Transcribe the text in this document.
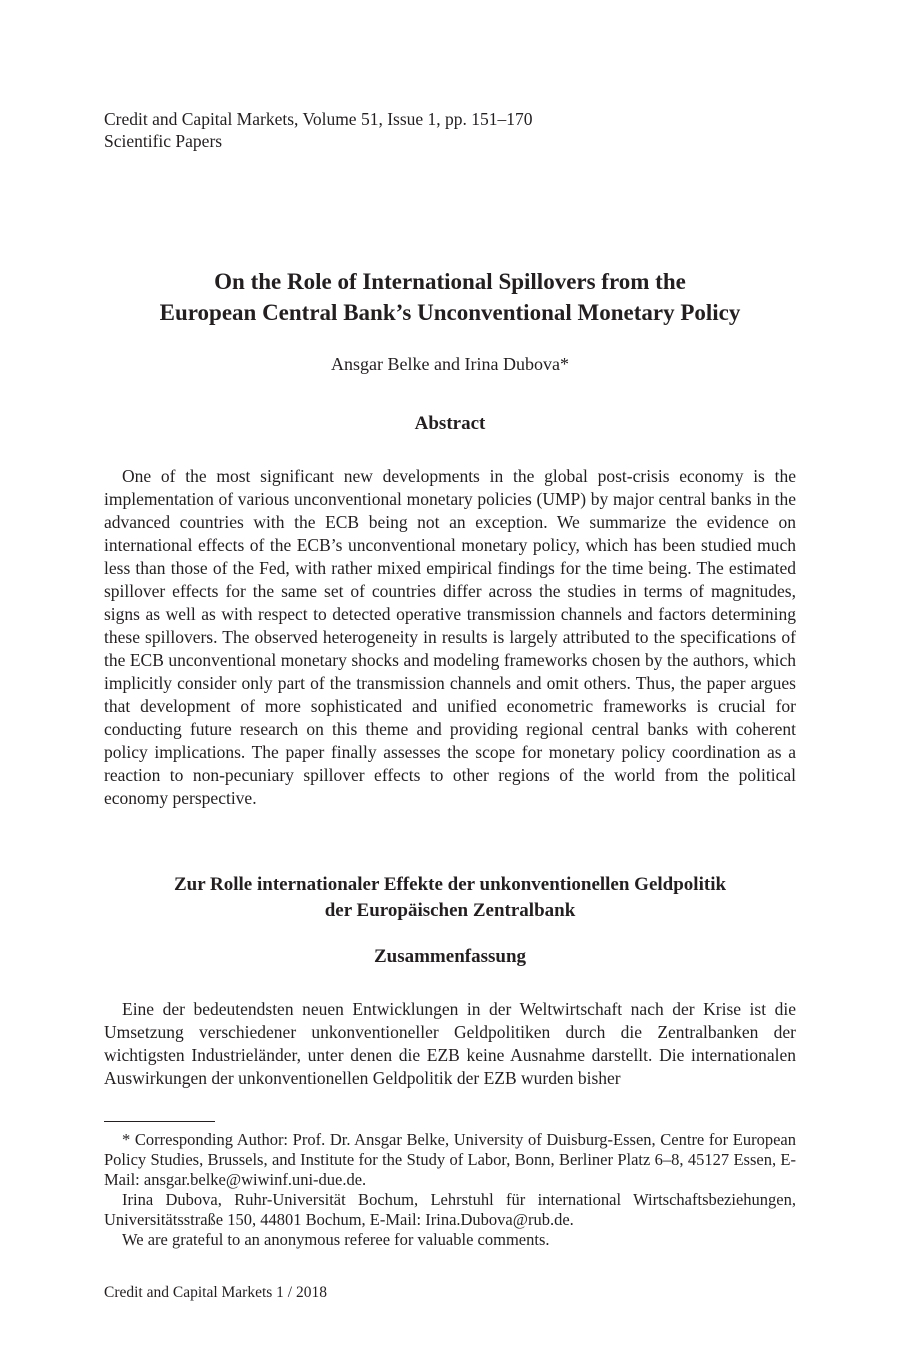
Credit and Capital Markets, Volume 51, Issue 1, pp. 151–170
Scientific Papers
On the Role of International Spillovers from the
European Central Bank’s Unconventional Monetary Policy
Ansgar Belke and Irina Dubova*
Abstract

One of the most significant new developments in the global post-crisis economy is the implementation of various unconventional monetary policies (UMP) by major central banks in the advanced countries with the ECB being not an exception. We summarize the evidence on international effects of the ECB’s unconventional monetary policy, which has been studied much less than those of the Fed, with rather mixed empirical findings for the time being. The estimated spillover effects for the same set of countries differ across the studies in terms of magnitudes, signs as well as with respect to detected operative transmission channels and factors determining these spillovers. The observed heterogeneity in results is largely attributed to the specifications of the ECB unconventional monetary shocks and modeling frameworks chosen by the authors, which implicitly consider only part of the transmission channels and omit others. Thus, the paper argues that development of more sophisticated and unified econometric frameworks is crucial for conducting future research on this theme and providing regional central banks with coherent policy implications. The paper finally assesses the scope for monetary policy coordination as a reaction to non-pecuniary spillover effects to other regions of the world from the political economy perspective.

Zur Rolle internationaler Effekte der unkonventionellen Geldpolitik
der Europäischen Zentralbank
Zusammenfassung

Eine der bedeutendsten neuen Entwicklungen in der Weltwirtschaft nach der Krise ist die Umsetzung verschiedener unkonventioneller Geldpolitiken durch die Zentralbanken der wichtigsten Industrieländer, unter denen die EZB keine Ausnahme darstellt. Die internationalen Auswirkungen der unkonventionellen Geldpolitik der EZB wurden bisher

* Corresponding Author: Prof. Dr. Ansgar Belke, University of Duisburg-Essen, Centre for European Policy Studies, Brussels, and Institute for the Study of Labor, Bonn, Berliner Platz 6–8, 45127 Essen, E-Mail: ansgar.belke@wiwinf.uni-due.de.

Irina Dubova, Ruhr-Universität Bochum, Lehrstuhl für international Wirtschaftsbeziehungen, Universitätsstraße 150, 44801 Bochum, E-Mail: Irina.Dubova@rub.de.

We are grateful to an anonymous referee for valuable comments.

Credit and Capital Markets 1 / 2018
